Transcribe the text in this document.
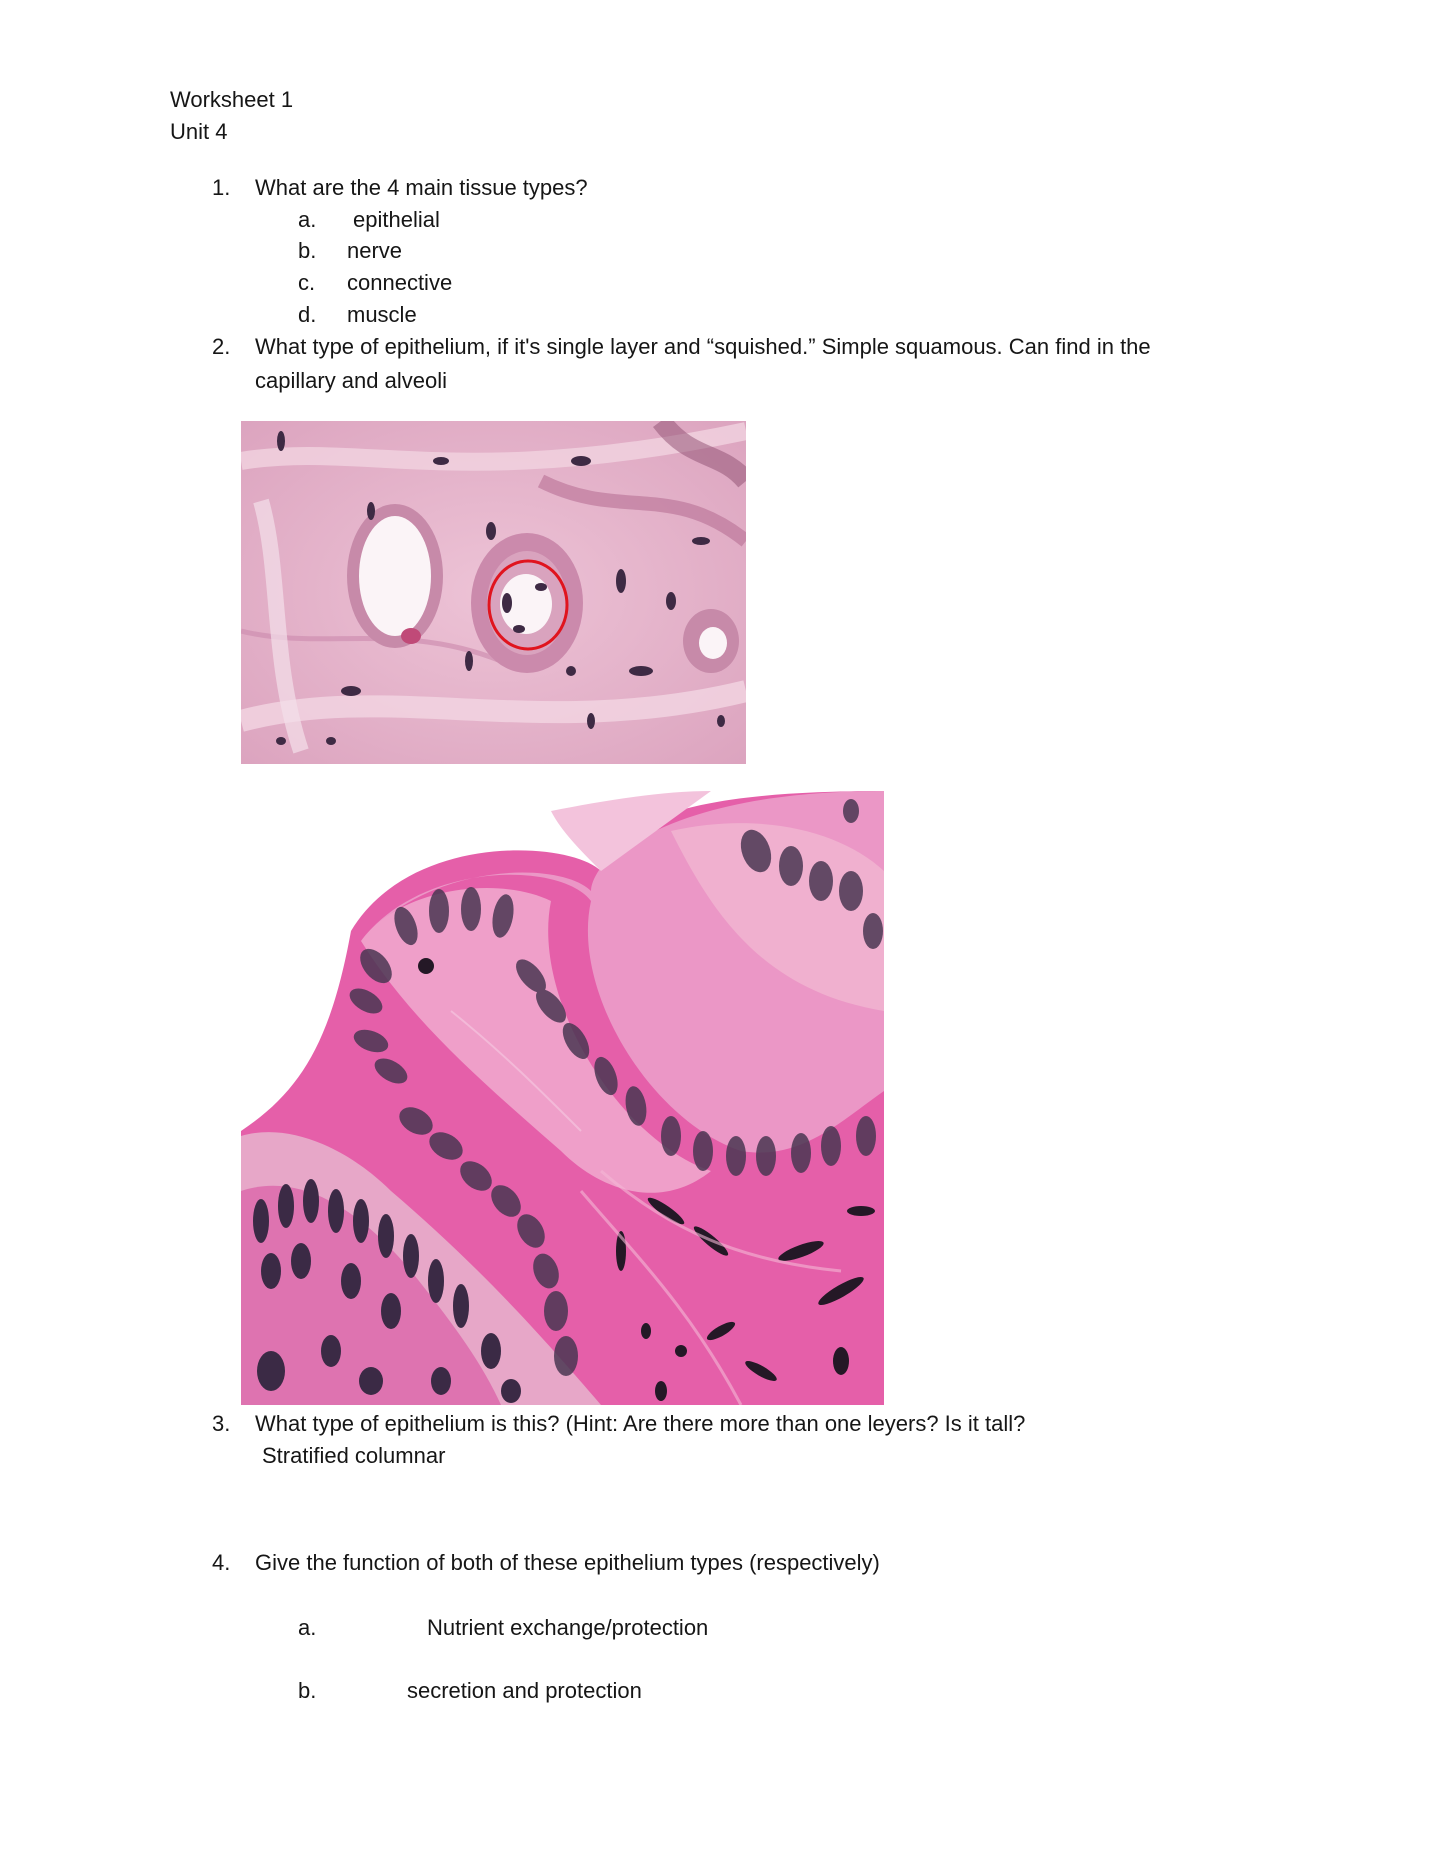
Worksheet 1
Unit 4
1. What are the 4 main tissue types?
a. epithelial
b. nerve
c. connective
d. muscle
2. What type of epithelium, if it's single layer and “squished.” Simple squamous. Can find in the
capillary and alveoli
3. What type of epithelium is this? (Hint: Are there more than one leyers? Is it tall?
Stratified columnar
4. Give the function of both of these epithelium types (respectively)
a.	Nutrient exchange/protection
b.	secretion and protection
